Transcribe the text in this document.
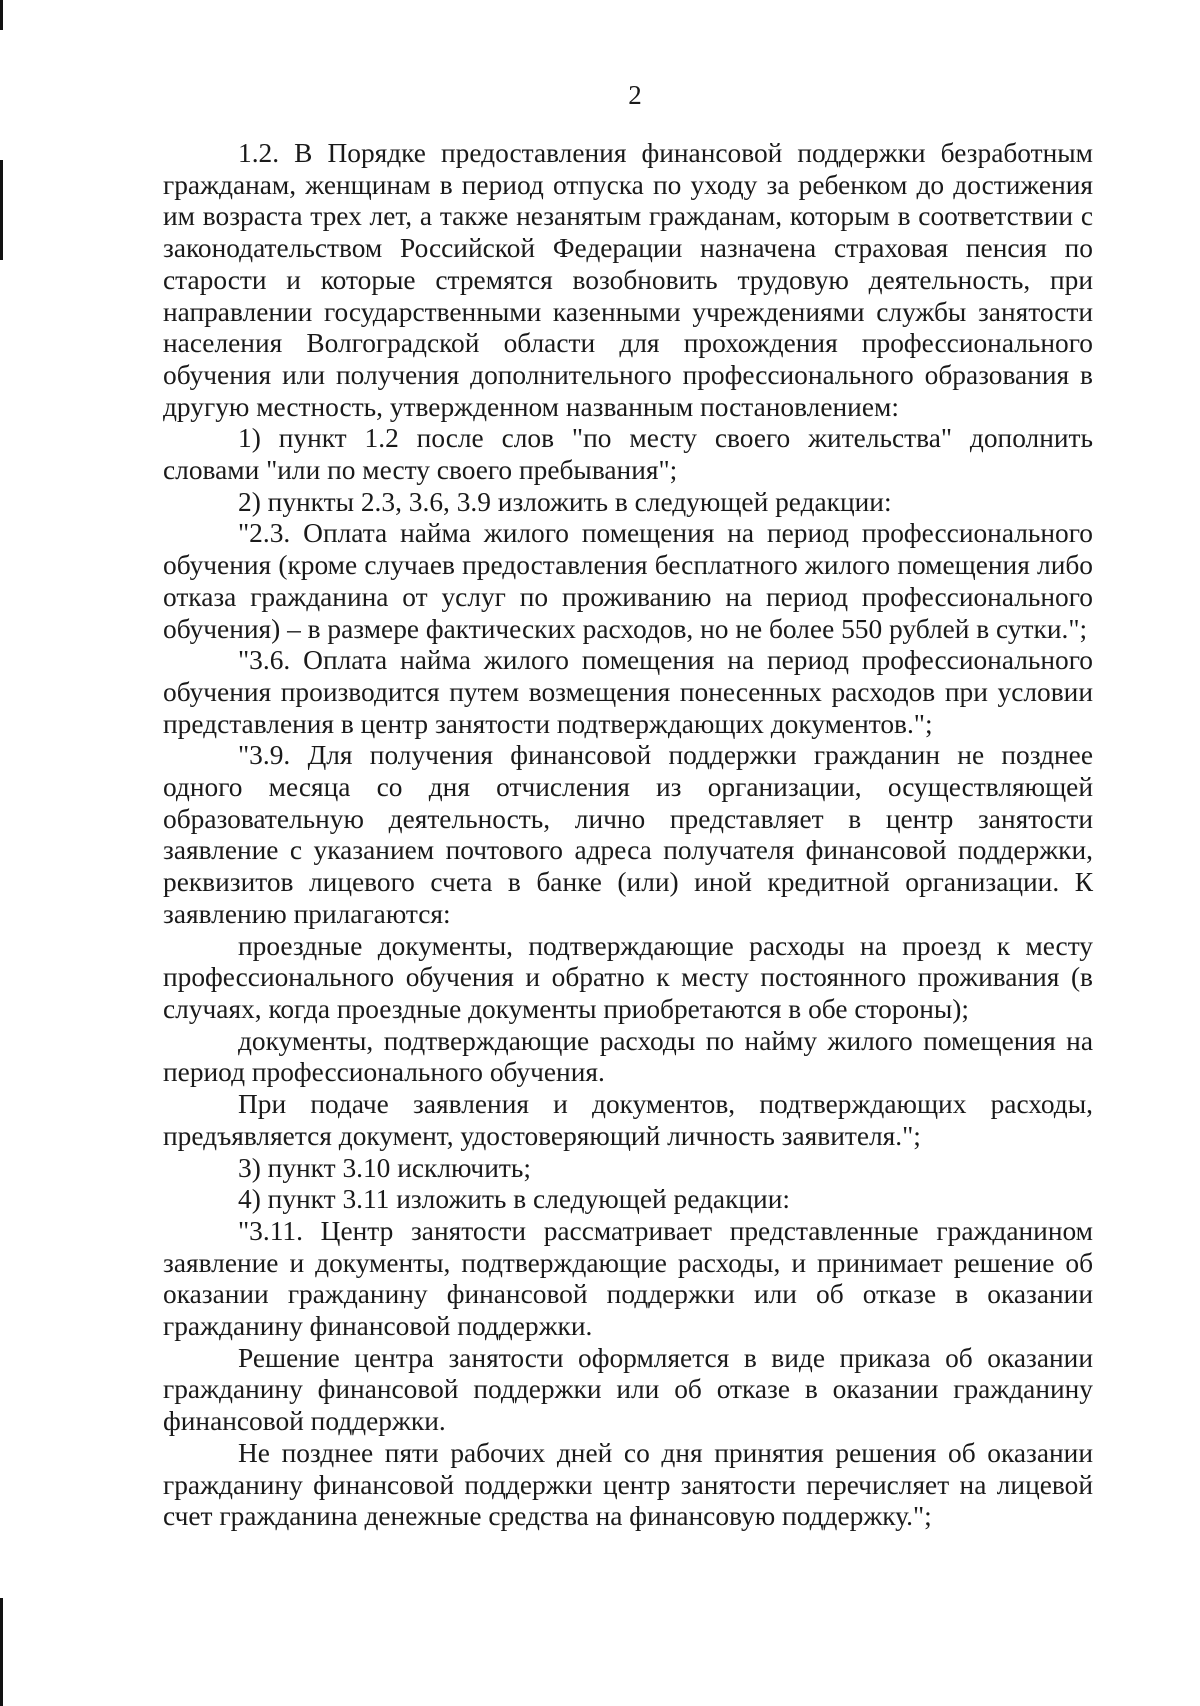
2

1.2. В Порядке предоставления финансовой поддержки безработным гражданам, женщинам в период отпуска по уходу за ребенком до достижения им возраста трех лет, а также незанятым гражданам, которым в соответствии с законодательством Российской Федерации назначена страховая пенсия по старости и которые стремятся возобновить трудовую деятельность, при направлении государственными казенными учреждениями службы занятости населения Волгоградской области для прохождения профессионального обучения или получения дополнительного профессионального образования в другую местность, утвержденном названным постановлением:

1) пункт 1.2 после слов "по месту своего жительства" дополнить словами "или по месту своего пребывания";

2) пункты 2.3, 3.6, 3.9 изложить в следующей редакции:

"2.3. Оплата найма жилого помещения на период профессионального обучения (кроме случаев предоставления бесплатного жилого помещения либо отказа гражданина от услуг по проживанию на период профессионального обучения) – в размере фактических расходов, но не более 550 рублей в сутки.";

"3.6. Оплата найма жилого помещения на период профессионального обучения производится путем возмещения понесенных расходов при условии представления в центр занятости подтверждающих документов.";

"3.9. Для получения финансовой поддержки гражданин не позднее одного месяца со дня отчисления из организации, осуществляющей образовательную деятельность, лично представляет в центр занятости заявление с указанием почтового адреса получателя финансовой поддержки, реквизитов лицевого счета в банке (или) иной кредитной организации. К заявлению прилагаются:

проездные документы, подтверждающие расходы на проезд к месту профессионального обучения и обратно к месту постоянного проживания (в случаях, когда проездные документы приобретаются в обе стороны);

документы, подтверждающие расходы по найму жилого помещения на период профессионального обучения.

При подаче заявления и документов, подтверждающих расходы, предъявляется документ, удостоверяющий личность заявителя.";

3) пункт 3.10 исключить;

4) пункт 3.11 изложить в следующей редакции:

"3.11. Центр занятости рассматривает представленные гражданином заявление и документы, подтверждающие расходы, и принимает решение об оказании гражданину финансовой поддержки или об отказе в оказании гражданину финансовой поддержки.

Решение центра занятости оформляется в виде приказа об оказании гражданину финансовой поддержки или об отказе в оказании гражданину финансовой поддержки.

Не позднее пяти рабочих дней со дня принятия решения об оказании гражданину финансовой поддержки центр занятости перечисляет на лицевой счет гражданина денежные средства на финансовую поддержку.";
